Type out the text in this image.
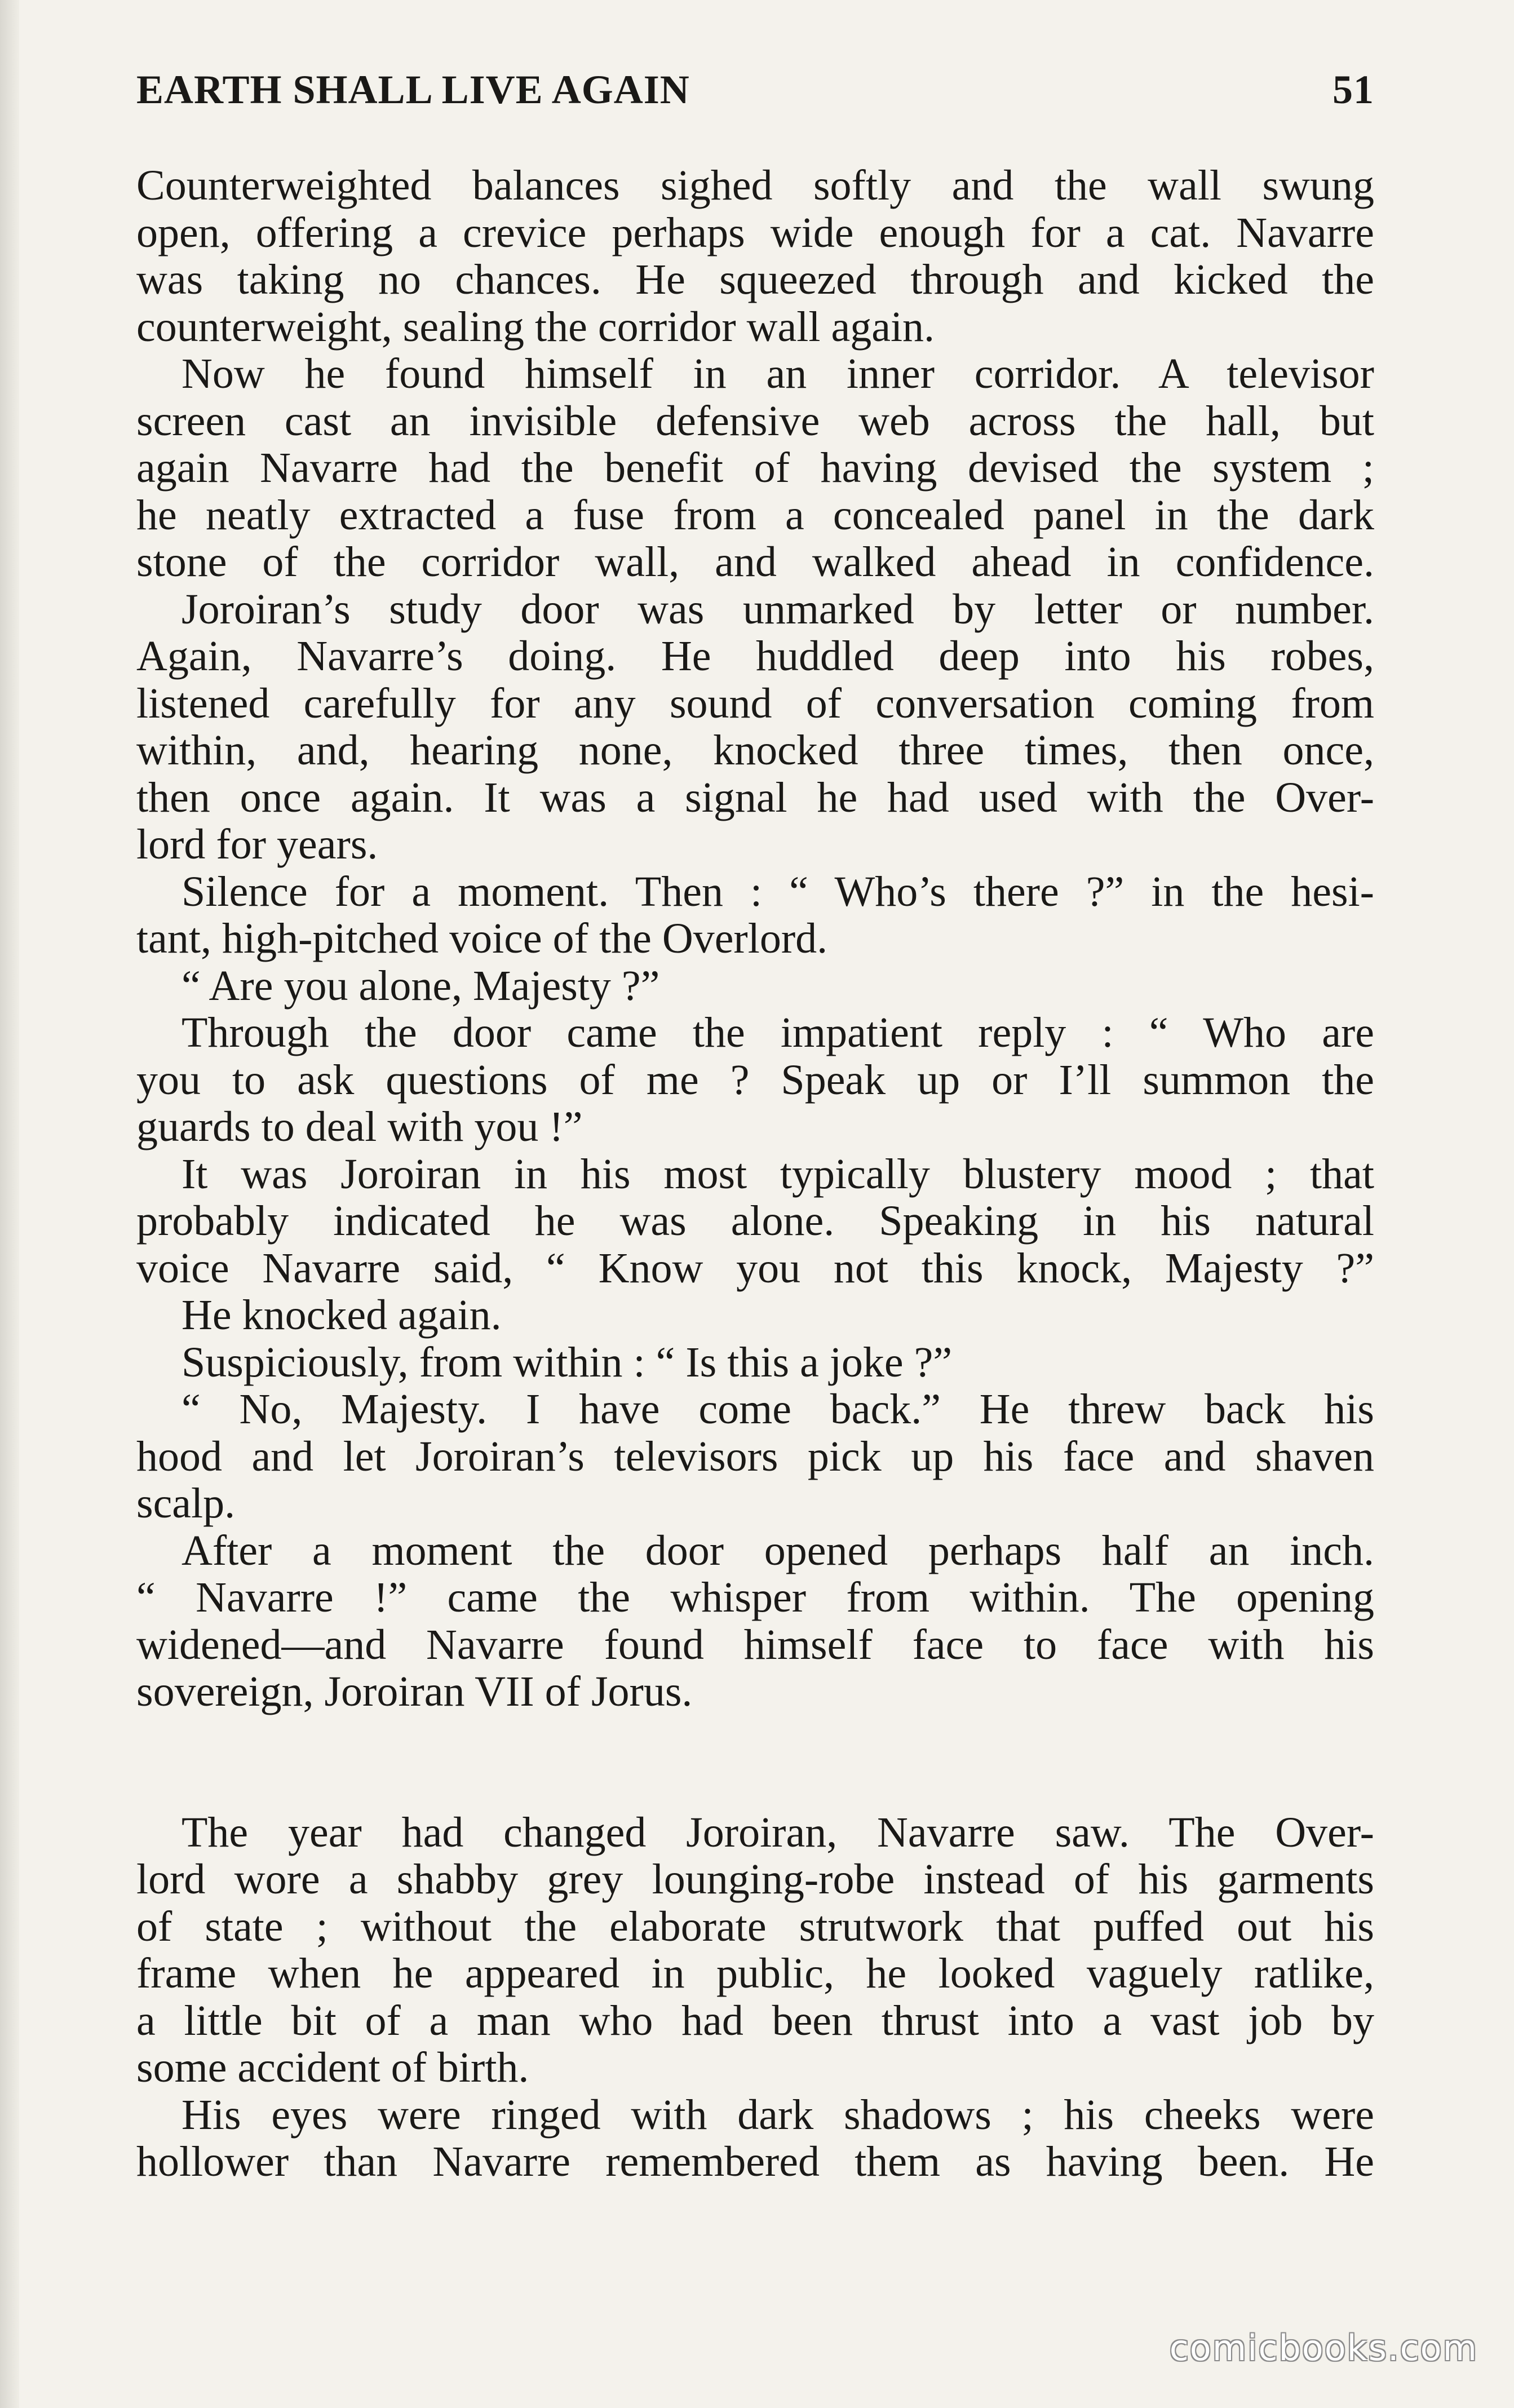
EARTH SHALL LIVE AGAIN	51
Counterweighted balances sighed softly and the wall swung
open, offering a crevice perhaps wide enough for a cat. Navarre
was taking no chances. He squeezed through and kicked the
counterweight, sealing the corridor wall again.
Now he found himself in an inner corridor. A televisor
screen cast an invisible defensive web across the hall, but
again Navarre had the benefit of having devised the system ;
he neatly extracted a fuse from a concealed panel in the dark
stone of the corridor wall, and walked ahead in confidence.
Joroiran’s study door was unmarked by letter or number.
Again, Navarre’s doing. He huddled deep into his robes,
listened carefully for any sound of conversation coming from
within, and, hearing none, knocked three times, then once,
then once again. It was a signal he had used with the Over-
lord for years.
Silence for a moment. Then : “ Who’s there ?” in the hesi-
tant, high-pitched voice of the Overlord.
“ Are you alone, Majesty ?”
Through the door came the impatient reply : “ Who are
you to ask questions of me ? Speak up or I’ll summon the
guards to deal with you !”
It was Joroiran in his most typically blustery mood ; that
probably indicated he was alone. Speaking in his natural
voice Navarre said, “ Know you not this knock, Majesty ?”
He knocked again.
Suspiciously, from within : “ Is this a joke ?”
“ No, Majesty. I have come back.” He threw back his
hood and let Joroiran’s televisors pick up his face and shaven
scalp.
After a moment the door opened perhaps half an inch.
“ Navarre !” came the whisper from within. The opening
widened—and Navarre found himself face to face with his
sovereign, Joroiran VII of Jorus.
The year had changed Joroiran, Navarre saw. The Over-
lord wore a shabby grey lounging-robe instead of his garments
of state ; without the elaborate strutwork that puffed out his
frame when he appeared in public, he looked vaguely ratlike,
a little bit of a man who had been thrust into a vast job by
some accident of birth.
His eyes were ringed with dark shadows ; his cheeks were
hollower than Navarre remembered them as having been. He
comicbooks.com
